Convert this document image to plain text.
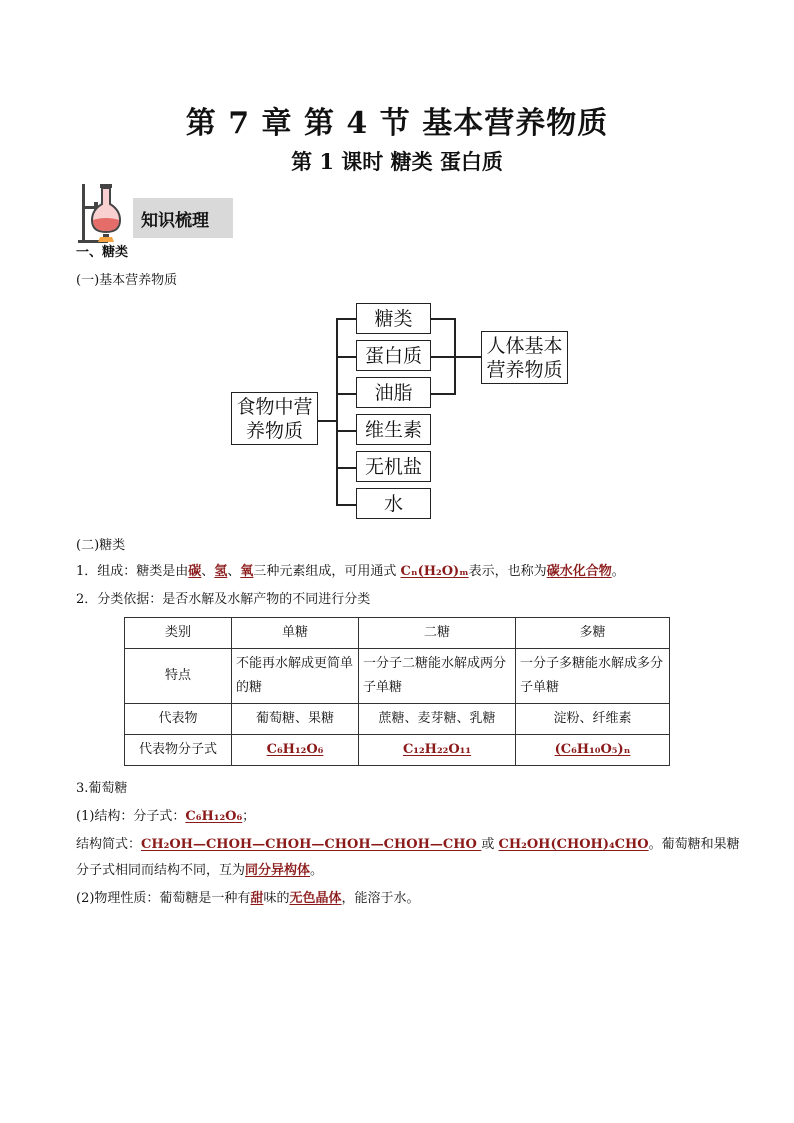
第 7 章 第 4 节 基本营养物质
第 1 课时 糖类 蛋白质
知识梳理
一、糖类
(一)基本营养物质
食物中营
养物质
糖类
蛋白质
油脂
维生素
无机盐
水
人体基本
营养物质
(二)糖类
1．组成：糖类是由碳、氢、氧三种元素组成，可用通式 Cₙ(H₂O)ₘ表示，也称为碳水化合物。
2．分类依据：是否水解及水解产物的不同进行分类
类别	单糖	二糖	多糖
特点	不能再水解成更简单的糖	一分子二糖能水解成两分子单糖	一分子多糖能水解成多分子单糖
代表物	葡萄糖、果糖	蔗糖、麦芽糖、乳糖	淀粉、纤维素
代表物分子式	C₆H₁₂O₆	C₁₂H₂₂O₁₁	(C₆H₁₀O₅)ₙ
3.葡萄糖
(1)结构：分子式：C₆H₁₂O₆；
结构简式：CH₂OH—CHOH—CHOH—CHOH—CHOH—CHO 或 CH₂OH(CHOH)₄CHO。葡萄糖和果糖
分子式相同而结构不同，互为同分异构体。
(2)物理性质：葡萄糖是一种有甜味的无色晶体，能溶于水。
